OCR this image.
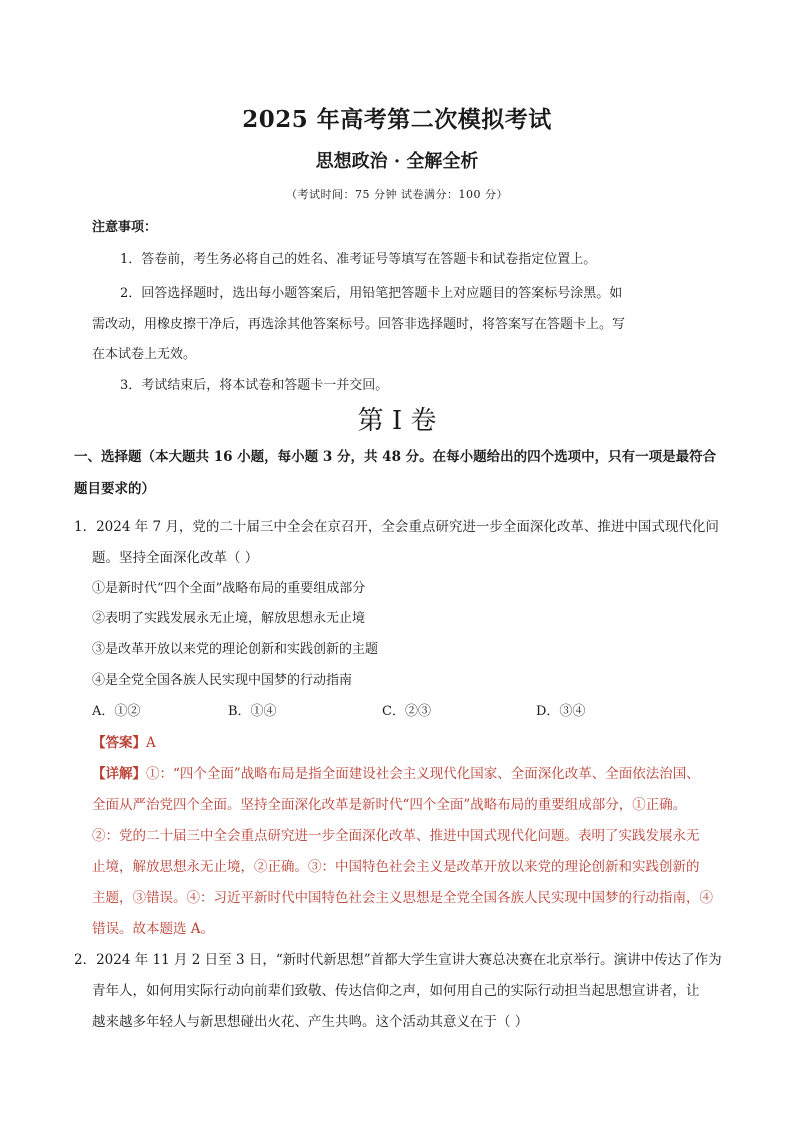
2025 年高考第二次模拟考试
思想政治 · 全解全析
（考试时间：75 分钟 试卷满分：100 分）
注意事项：
1．答卷前，考生务必将自己的姓名、准考证号等填写在答题卡和试卷指定位置上。
2．回答选择题时，选出每小题答案后，用铅笔把答题卡上对应题目的答案标号涂黑。如
需改动，用橡皮擦干净后，再选涂其他答案标号。回答非选择题时，将答案写在答题卡上。写
在本试卷上无效。
3．考试结束后，将本试卷和答题卡一并交回。
第 I 卷
一、选择题（本大题共 16 小题，每小题 3 分，共 48 分。在每小题给出的四个选项中，只有一项是最符合
题目要求的）
1．2024 年 7 月，党的二十届三中全会在京召开，全会重点研究进一步全面深化改革、推进中国式现代化问
题。坚持全面深化改革（ ）
①是新时代“四个全面”战略布局的重要组成部分
②表明了实践发展永无止境，解放思想永无止境
③是改革开放以来党的理论创新和实践创新的主题
④是全党全国各族人民实现中国梦的行动指南
A．①②	B．①④	C．②③	D．③④
【答案】A
【详解】①：“四个全面”战略布局是指全面建设社会主义现代化国家、全面深化改革、全面依法治国、
全面从严治党四个全面。坚持全面深化改革是新时代“四个全面”战略布局的重要组成部分，①正确。
②：党的二十届三中全会重点研究进一步全面深化改革、推进中国式现代化问题。表明了实践发展永无
止境，解放思想永无止境，②正确。③：中国特色社会主义是改革开放以来党的理论创新和实践创新的
主题，③错误。④：习近平新时代中国特色社会主义思想是全党全国各族人民实现中国梦的行动指南，④
错误。故本题选 A。
2．2024 年 11 月 2 日至 3 日，“新时代新思想”首都大学生宣讲大赛总决赛在北京举行。演讲中传达了作为
青年人，如何用实际行动向前辈们致敬、传达信仰之声，如何用自己的实际行动担当起思想宣讲者，让
越来越多年轻人与新思想碰出火花、产生共鸣。这个活动其意义在于（ ）
